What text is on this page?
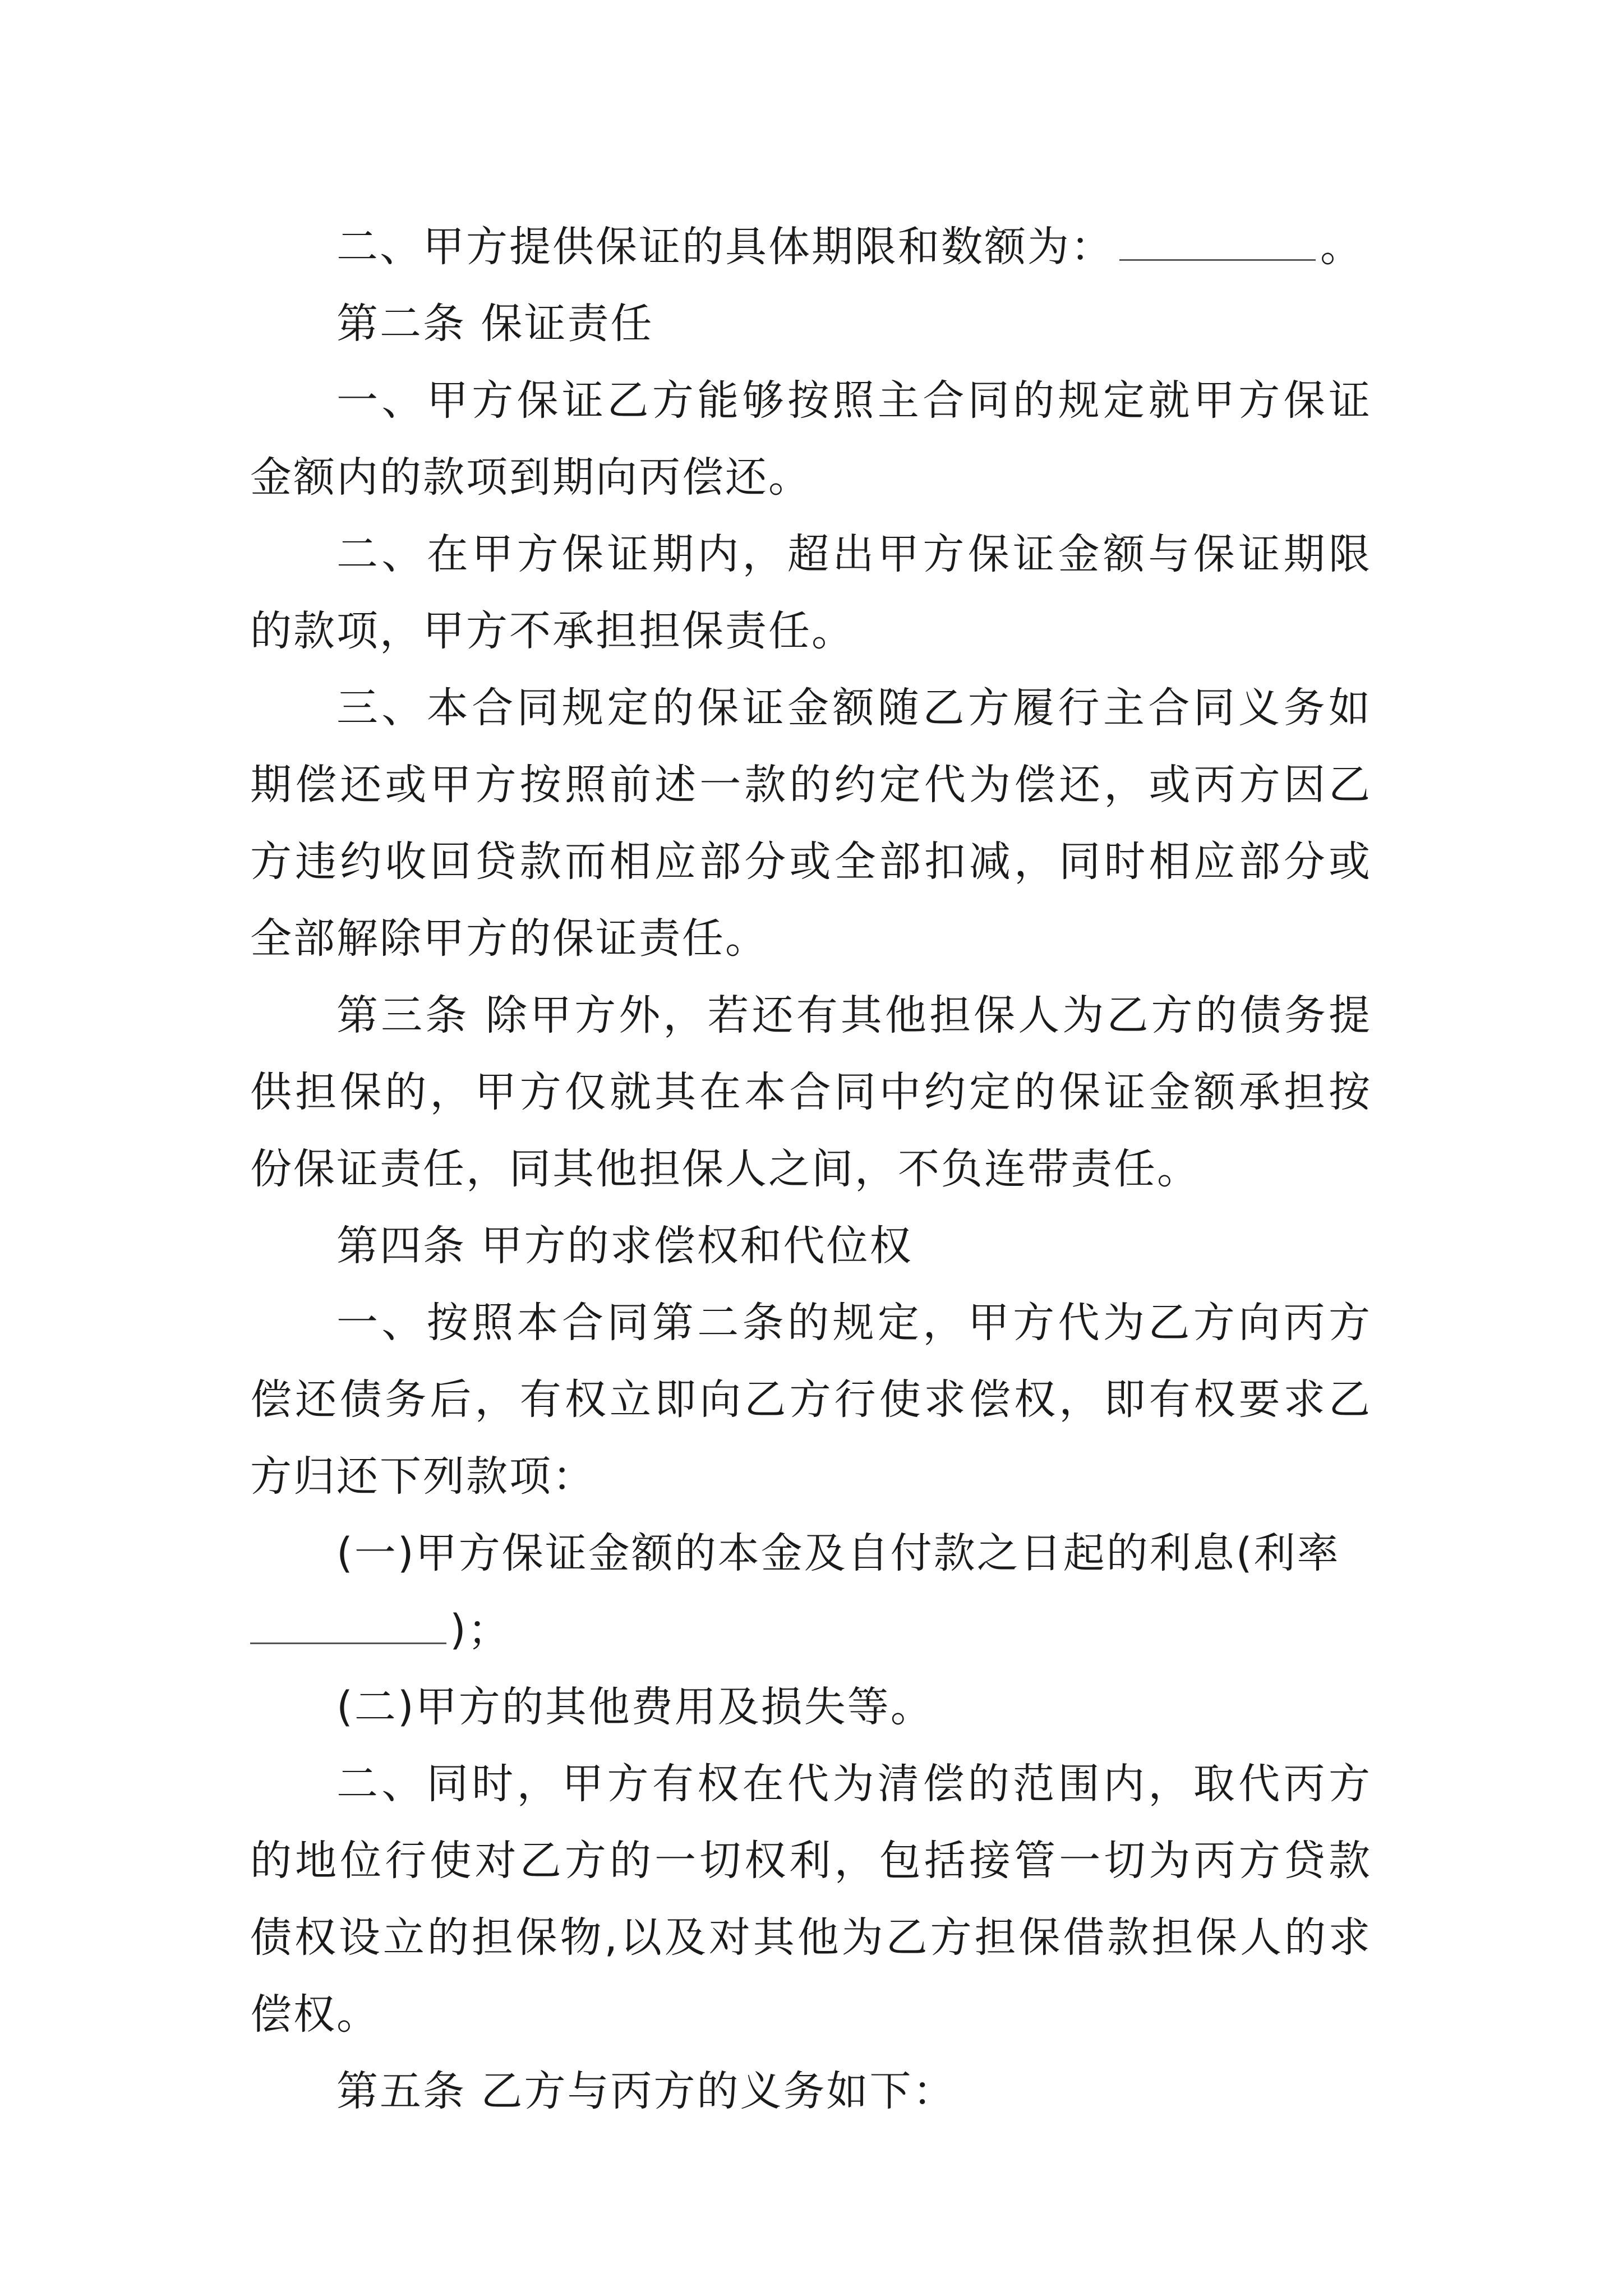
二、甲方提供保证的具体期限和数额为：	。

第二条 保证责任

一、甲方保证乙方能够按照主合同的规定就甲方保证金额内的款项到期向丙偿还。

二、在甲方保证期内，超出甲方保证金额与保证期限的款项，甲方不承担担保责任。

三、本合同规定的保证金额随乙方履行主合同义务如期偿还或甲方按照前述一款的约定代为偿还，或丙方因乙方违约收回贷款而相应部分或全部扣减，同时相应部分或全部解除甲方的保证责任。

第三条 除甲方外，若还有其他担保人为乙方的债务提供担保的，甲方仅就其在本合同中约定的保证金额承担按份保证责任，同其他担保人之间，不负连带责任。

第四条 甲方的求偿权和代位权

一、按照本合同第二条的规定，甲方代为乙方向丙方偿还债务后，有权立即向乙方行使求偿权，即有权要求乙方归还下列款项：

(一)甲方保证金额的本金及自付款之日起的利息(利率
)；

(二)甲方的其他费用及损失等。

二、同时，甲方有权在代为清偿的范围内，取代丙方的地位行使对乙方的一切权利，包括接管一切为丙方贷款债权设立的担保物,以及对其他为乙方担保借款担保人的求偿权。

第五条 乙方与丙方的义务如下：
